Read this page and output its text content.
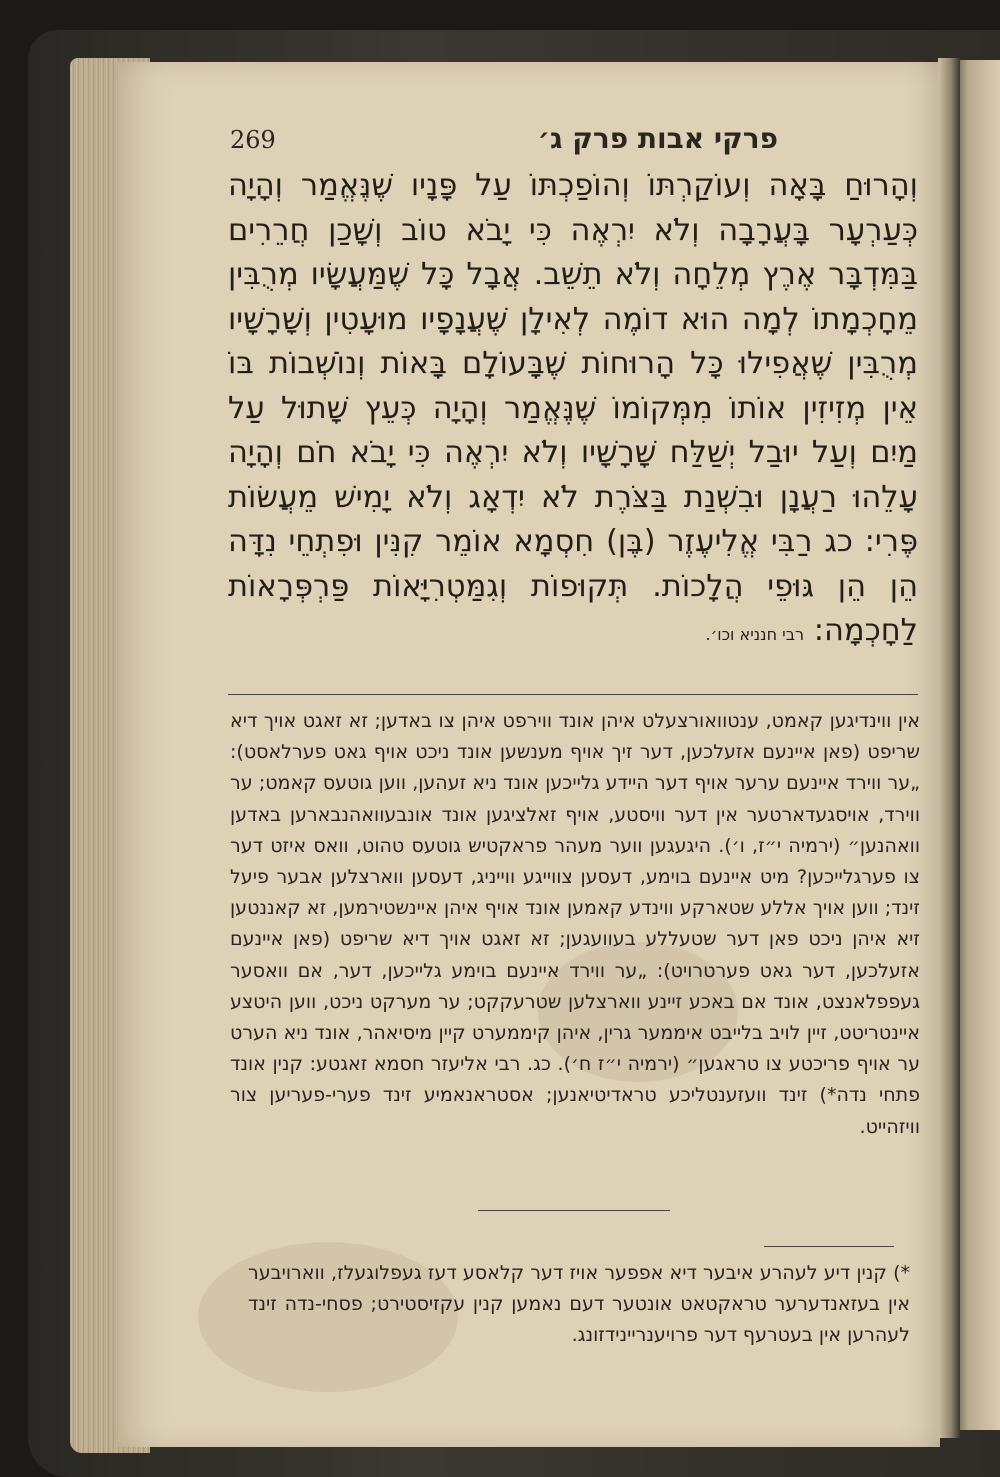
269	פרקי אבות פרק ג׳

וְהָרוּחַ בָּאָה וְעוֹקַרְתּוֹ וְהוֹפַכְתּוֹ עַל פָּנָיו שֶׁנֶּאֱמַר וְהָיָה כְּעַרְעָר בָּעֲרָבָה וְלֹא יִרְאֶה כִּי יָבֹא טוֹב וְשָׁכַן חֲרֵרִים בַּמִּדְבָּר אֶרֶץ מְלֵחָה וְלֹא תֵשֵׁב. אֲבָל כָּל שֶׁמַּעֲשָׂיו מְרֻבִּין מֵחָכְמָתוֹ לְמָה הוּא דוֹמֶה לְאִילָן שֶׁעֲנָפָיו מוּעָטִין וְשָׁרָשָׁיו מְרֻבִּין שֶׁאֲפִילוּ כָּל הָרוּחוֹת שֶׁבָּעוֹלָם בָּאוֹת וְנוֹשְׁבוֹת בּוֹ אֵין מְזִיזִין אוֹתוֹ מִמְּקוֹמוֹ שֶׁנֶּאֱמַר וְהָיָה כְּעֵץ שָׁתוּל עַל מַיִם וְעַל יוּבַל יְשַׁלַּח שָׁרָשָׁיו וְלֹא יִרְאֶה כִּי יָבֹא חֹם וְהָיָה עָלֵהוּ רַעֲנָן וּבִשְׁנַת בַּצֹּרֶת לֹא יִדְאָג וְלֹא יָמִישׁ מֵעֲשׂוֹת פֶּרִי: כג רַבִּי אֱלִיעֶזֶר (בֶּן) חִסְמָא אוֹמֵר קִנִּין וּפִתְחֵי נִדָּה הֵן הֵן גּוּפֵי הֲלָכוֹת. תְּקוּפוֹת וְגִמַּטְרִיָּאוֹת פַּרְפְּרָאוֹת לַחָכְמָה: רבי חנניא וכו׳.

אין ווינדיגען קאמט, ענטוואורצעלט איהן אונד ווירפט איהן צו באדען; זא זאגט אויך דיא שריפט (פאן איינעם אזעלכען, דער זיך אויף מענשען אונד ניכט אויף גאט פערלאסט): „ער ווירד איינעם ערער אויף דער היידע גלייכען אונד ניא זעהען, ווען גוטעס קאמט; ער ווירד, אויסגעדארטער אין דער וויסטע, אויף זאלציגען אונד אונבעוואהנבארען באדען וואהנען״ (ירמיה י״ז, ו׳). היגעגען ווער מעהר פראקטיש גוטעס טהוט, וואס איזט דער צו פערגלייכען? מיט איינעם בוימע, דעסען צווייגע ווייניג, דעסען ווארצלען אבער פיעל זינד; ווען אויך אללע שטארקע ווינדע קאמען אונד אויף איהן איינשטירמען, זא קאננטען זיא איהן ניכט פאן דער שטעללע בעוועגען; זא זאגט אויך דיא שריפט (פאן איינעם אזעלכען, דער גאט פערטרויט): „ער ווירד איינעם בוימע גלייכען, דער, אם וואסער געפפלאנצט, אונד אם באכע זיינע ווארצלען שטרעקקט; ער מערקט ניכט, ווען היטצע איינטריטט, זיין לויב בלייבט איממער גרין, איהן קיממערט קיין מיסיאהר, אונד ניא הערט ער אויף פריכטע צו טראגען״ (ירמיה י״ז ח׳). כג. רבי אליעזר חסמא זאגטע: קנין אונד פתחי נדה*) זינד וועזענטליכע טראדיטיאנען; אסטראנאמיע זינד פערי-פעריען צור וויזהייט.

*) קנין דיע לעהרע איבער דיא אפפער אויז דער קלאסע דעז געפלוגעלז, ווארויבער אין בעזאנדערער טראקטאט אונטער דעם נאמען קנין עקזיסטירט; פסחי-נדה זינד לעהרען אין בעטרעף דער פרויענריינידזונג.
